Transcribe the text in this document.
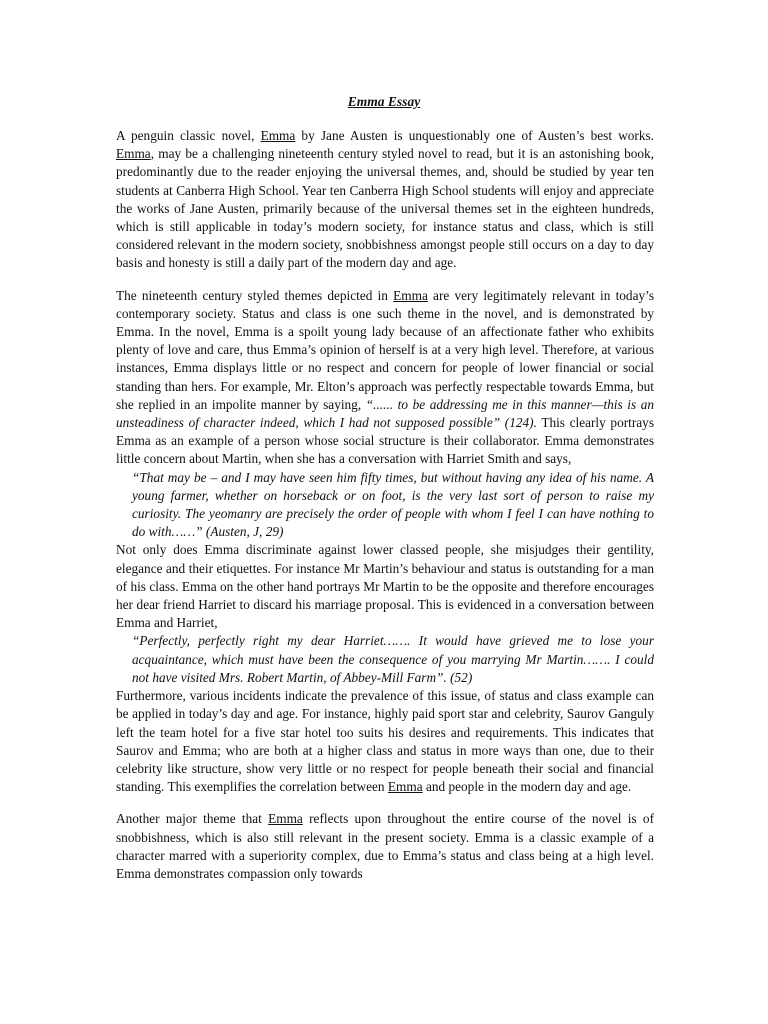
Emma Essay

A penguin classic novel, Emma by Jane Austen is unquestionably one of Austen’s best works. Emma, may be a challenging nineteenth century styled novel to read, but it is an astonishing book, predominantly due to the reader enjoying the universal themes, and, should be studied by year ten students at Canberra High School. Year ten Canberra High School students will enjoy and appreciate the works of Jane Austen, primarily because of the universal themes set in the eighteen hundreds, which is still applicable in today’s modern society, for instance status and class, which is still considered relevant in the modern society, snobbishness amongst people still occurs on a day to day basis and honesty is still a daily part of the modern day and age.

The nineteenth century styled themes depicted in Emma are very legitimately relevant in today’s contemporary society. Status and class is one such theme in the novel, and is demonstrated by Emma. In the novel, Emma is a spoilt young lady because of an affectionate father who exhibits plenty of love and care, thus Emma’s opinion of herself is at a very high level. Therefore, at various instances, Emma displays little or no respect and concern for people of lower financial or social standing than hers. For example, Mr. Elton’s approach was perfectly respectable towards Emma, but she replied in an impolite manner by saying, “...... to be addressing me in this manner—this is an unsteadiness of character indeed, which I had not supposed possible” (124). This clearly portrays Emma as an example of a person whose social structure is their collaborator. Emma demonstrates little concern about Martin, when she has a conversation with Harriet Smith and says,

“That may be – and I may have seen him fifty times, but without having any idea of his name. A young farmer, whether on horseback or on foot, is the very last sort of person to raise my curiosity. The yeomanry are precisely the order of people with whom I feel I can have nothing to do with……” (Austen, J, 29)

Not only does Emma discriminate against lower classed people, she misjudges their gentility, elegance and their etiquettes. For instance Mr Martin’s behaviour and status is outstanding for a man of his class. Emma on the other hand portrays Mr Martin to be the opposite and therefore encourages her dear friend Harriet to discard his marriage proposal. This is evidenced in a conversation between Emma and Harriet,

“Perfectly, perfectly right my dear Harriet……. It would have grieved me to lose your acquaintance, which must have been the consequence of you marrying Mr Martin……. I could not have visited Mrs. Robert Martin, of Abbey-Mill Farm”. (52)

Furthermore, various incidents indicate the prevalence of this issue, of status and class example can be applied in today’s day and age. For instance, highly paid sport star and celebrity, Saurov Ganguly left the team hotel for a five star hotel too suits his desires and requirements. This indicates that Saurov and Emma; who are both at a higher class and status in more ways than one, due to their celebrity like structure, show very little or no respect for people beneath their social and financial standing. This exemplifies the correlation between Emma and people in the modern day and age.

Another major theme that Emma reflects upon throughout the entire course of the novel is of snobbishness, which is also still relevant in the present society. Emma is a classic example of a character marred with a superiority complex, due to Emma’s status and class being at a high level. Emma demonstrates compassion only towards
